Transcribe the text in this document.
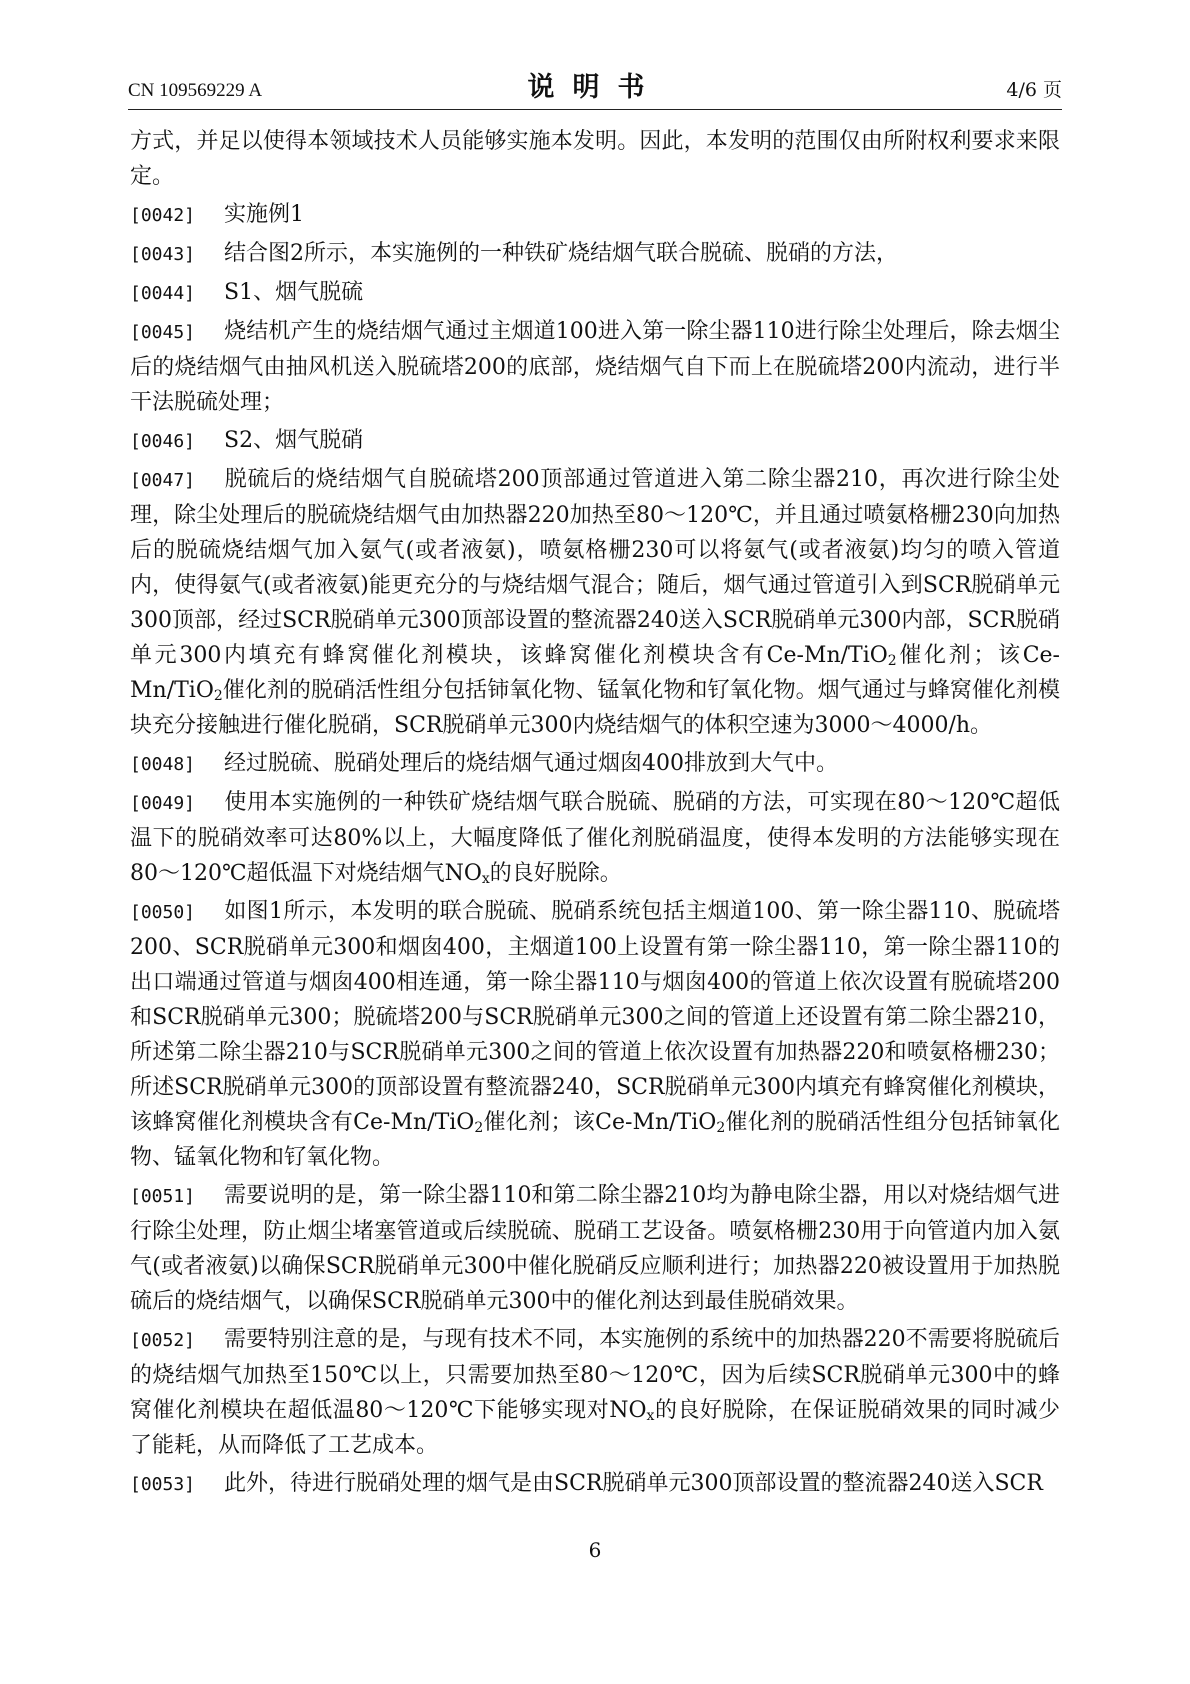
CN 109569229 A	说明书	4/6 页

方式，并足以使得本领域技术人员能够实施本发明。因此，本发明的范围仅由所附权利要求来限定。

[0042] 实施例1

[0043] 结合图2所示，本实施例的一种铁矿烧结烟气联合脱硫、脱硝的方法，

[0044] S1、烟气脱硫

[0045] 烧结机产生的烧结烟气通过主烟道100进入第一除尘器110进行除尘处理后，除去烟尘后的烧结烟气由抽风机送入脱硫塔200的底部，烧结烟气自下而上在脱硫塔200内流动，进行半干法脱硫处理；

[0046] S2、烟气脱硝

[0047] 脱硫后的烧结烟气自脱硫塔200顶部通过管道进入第二除尘器210，再次进行除尘处理，除尘处理后的脱硫烧结烟气由加热器220加热至80～120℃，并且通过喷氨格栅230向加热后的脱硫烧结烟气加入氨气(或者液氨)，喷氨格栅230可以将氨气(或者液氨)均匀的喷入管道内，使得氨气(或者液氨)能更充分的与烧结烟气混合；随后，烟气通过管道引入到SCR脱硝单元300顶部，经过SCR脱硝单元300顶部设置的整流器240送入SCR脱硝单元300内部，SCR脱硝单元300内填充有蜂窝催化剂模块，该蜂窝催化剂模块含有Ce-Mn/TiO$_2$催化剂；该Ce-Mn/TiO$_2$催化剂的脱硝活性组分包括铈氧化物、锰氧化物和钌氧化物。烟气通过与蜂窝催化剂模块充分接触进行催化脱硝，SCR脱硝单元300内烧结烟气的体积空速为3000～4000/h。

[0048] 经过脱硫、脱硝处理后的烧结烟气通过烟囱400排放到大气中。

[0049] 使用本实施例的一种铁矿烧结烟气联合脱硫、脱硝的方法，可实现在80～120℃超低温下的脱硝效率可达80%以上，大幅度降低了催化剂脱硝温度，使得本发明的方法能够实现在80～120℃超低温下对烧结烟气$NO_x$的良好脱除。

[0050] 如图1所示，本发明的联合脱硫、脱硝系统包括主烟道100、第一除尘器110、脱硫塔200、SCR脱硝单元300和烟囱400，主烟道100上设置有第一除尘器110，第一除尘器110的出口端通过管道与烟囱400相连通，第一除尘器110与烟囱400的管道上依次设置有脱硫塔200和SCR脱硝单元300；脱硫塔200与SCR脱硝单元300之间的管道上还设置有第二除尘器210，所述第二除尘器210与SCR脱硝单元300之间的管道上依次设置有加热器220和喷氨格栅230；所述SCR脱硝单元300的顶部设置有整流器240，SCR脱硝单元300内填充有蜂窝催化剂模块，该蜂窝催化剂模块含有Ce-Mn/TiO$_2$催化剂；该Ce-Mn/TiO$_2$催化剂的脱硝活性组分包括铈氧化物、锰氧化物和钌氧化物。

[0051] 需要说明的是，第一除尘器110和第二除尘器210均为静电除尘器，用以对烧结烟气进行除尘处理，防止烟尘堵塞管道或后续脱硫、脱硝工艺设备。喷氨格栅230用于向管道内加入氨气(或者液氨)以确保SCR脱硝单元300中催化脱硝反应顺利进行；加热器220被设置用于加热脱硫后的烧结烟气，以确保SCR脱硝单元300中的催化剂达到最佳脱硝效果。

[0052] 需要特别注意的是，与现有技术不同，本实施例的系统中的加热器220不需要将脱硫后的烧结烟气加热至150℃以上，只需要加热至80～120℃，因为后续SCR脱硝单元300中的蜂窝催化剂模块在超低温80～120℃下能够实现对$NO_x$的良好脱除，在保证脱硝效果的同时减少了能耗，从而降低了工艺成本。

[0053] 此外，待进行脱硝处理的烟气是由SCR脱硝单元300顶部设置的整流器240送入SCR

6
